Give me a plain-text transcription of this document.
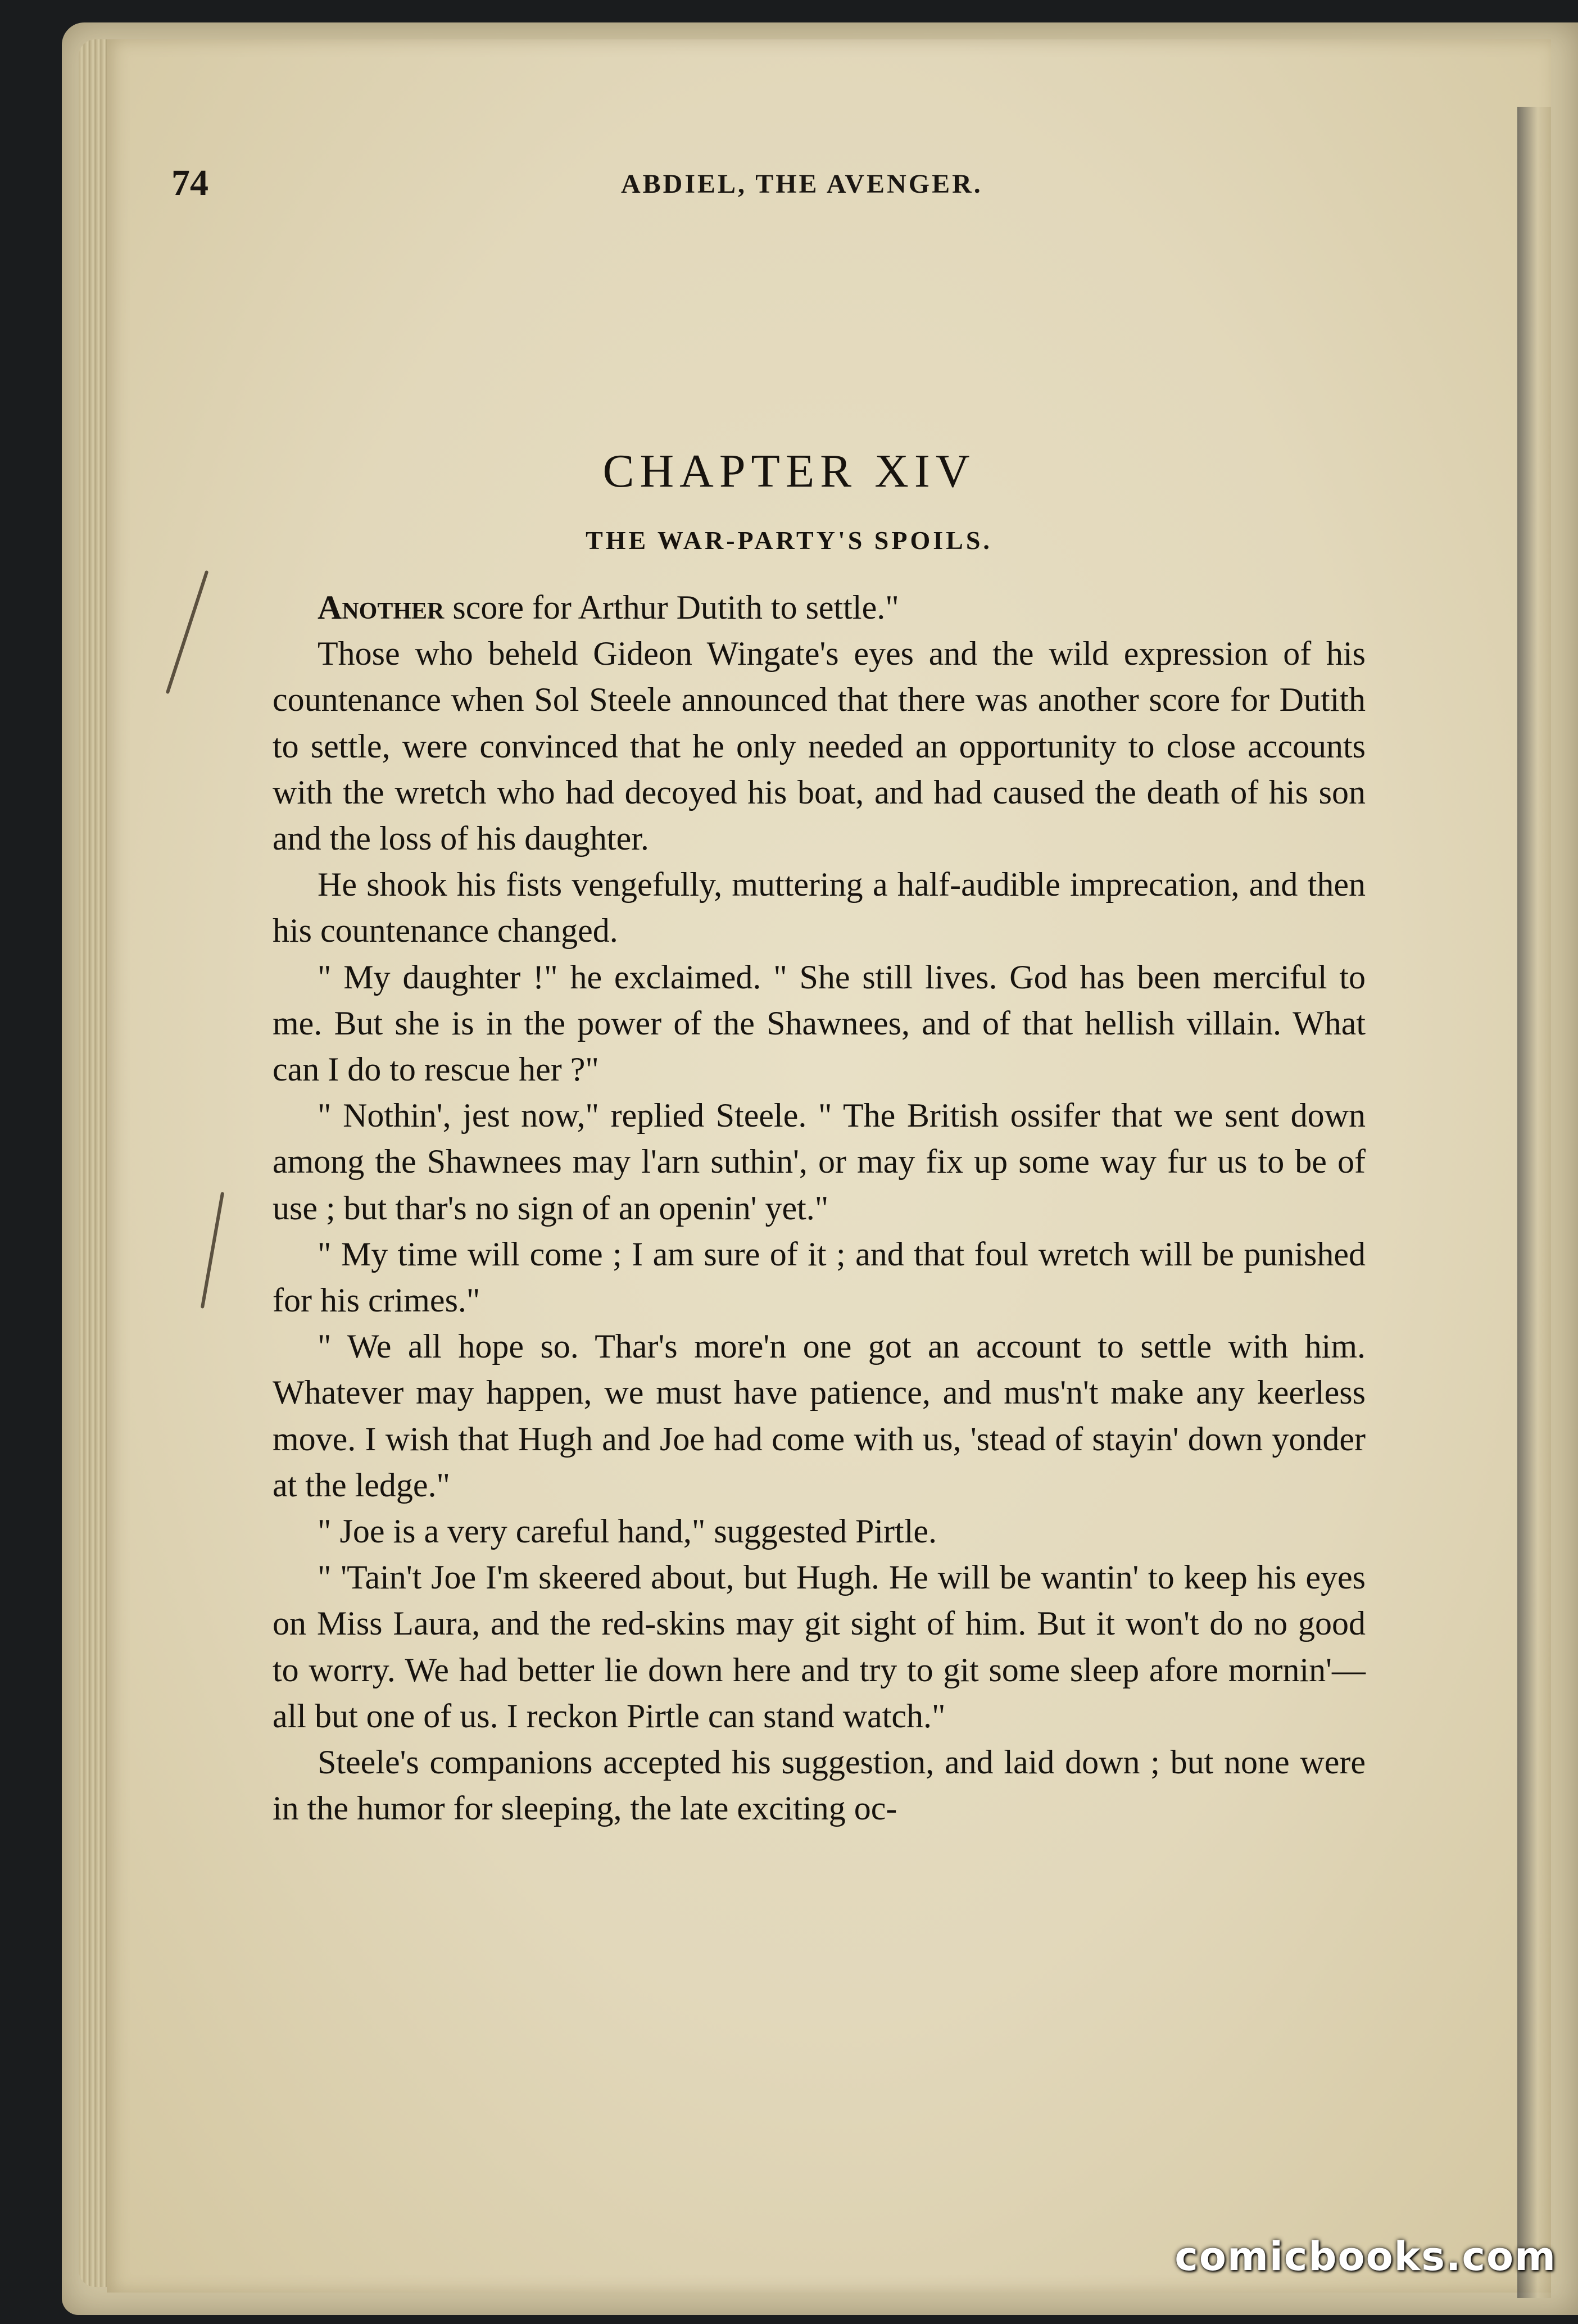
74	ABDIEL, THE AVENGER.
CHAPTER XIV
THE WAR-PARTY'S SPOILS.

Another score for Arthur Dutith to settle."

Those who beheld Gideon Wingate's eyes and the wild expression of his countenance when Sol Steele announced that there was another score for Dutith to settle, were convinced that he only needed an opportunity to close accounts with the wretch who had decoyed his boat, and had caused the death of his son and the loss of his daughter.

He shook his fists vengefully, muttering a half-audible imprecation, and then his countenance changed.

" My daughter !" he exclaimed. " She still lives. God has been merciful to me. But she is in the power of the Shawnees, and of that hellish villain. What can I do to rescue her ?"

" Nothin', jest now," replied Steele. " The British ossifer that we sent down among the Shawnees may l'arn suthin', or may fix up some way fur us to be of use ; but thar's no sign of an openin' yet."

" My time will come ; I am sure of it ; and that foul wretch will be punished for his crimes."

" We all hope so. Thar's more'n one got an account to settle with him. Whatever may happen, we must have patience, and mus'n't make any keerless move. I wish that Hugh and Joe had come with us, 'stead of stayin' down yonder at the ledge."

" Joe is a very careful hand," suggested Pirtle.

" 'Tain't Joe I'm skeered about, but Hugh. He will be wantin' to keep his eyes on Miss Laura, and the red-skins may git sight of him. But it won't do no good to worry. We had better lie down here and try to git some sleep afore mornin'—all but one of us. I reckon Pirtle can stand watch."

Steele's companions accepted his suggestion, and laid down ; but none were in the humor for sleeping, the late exciting oc-

comicbooks.com
